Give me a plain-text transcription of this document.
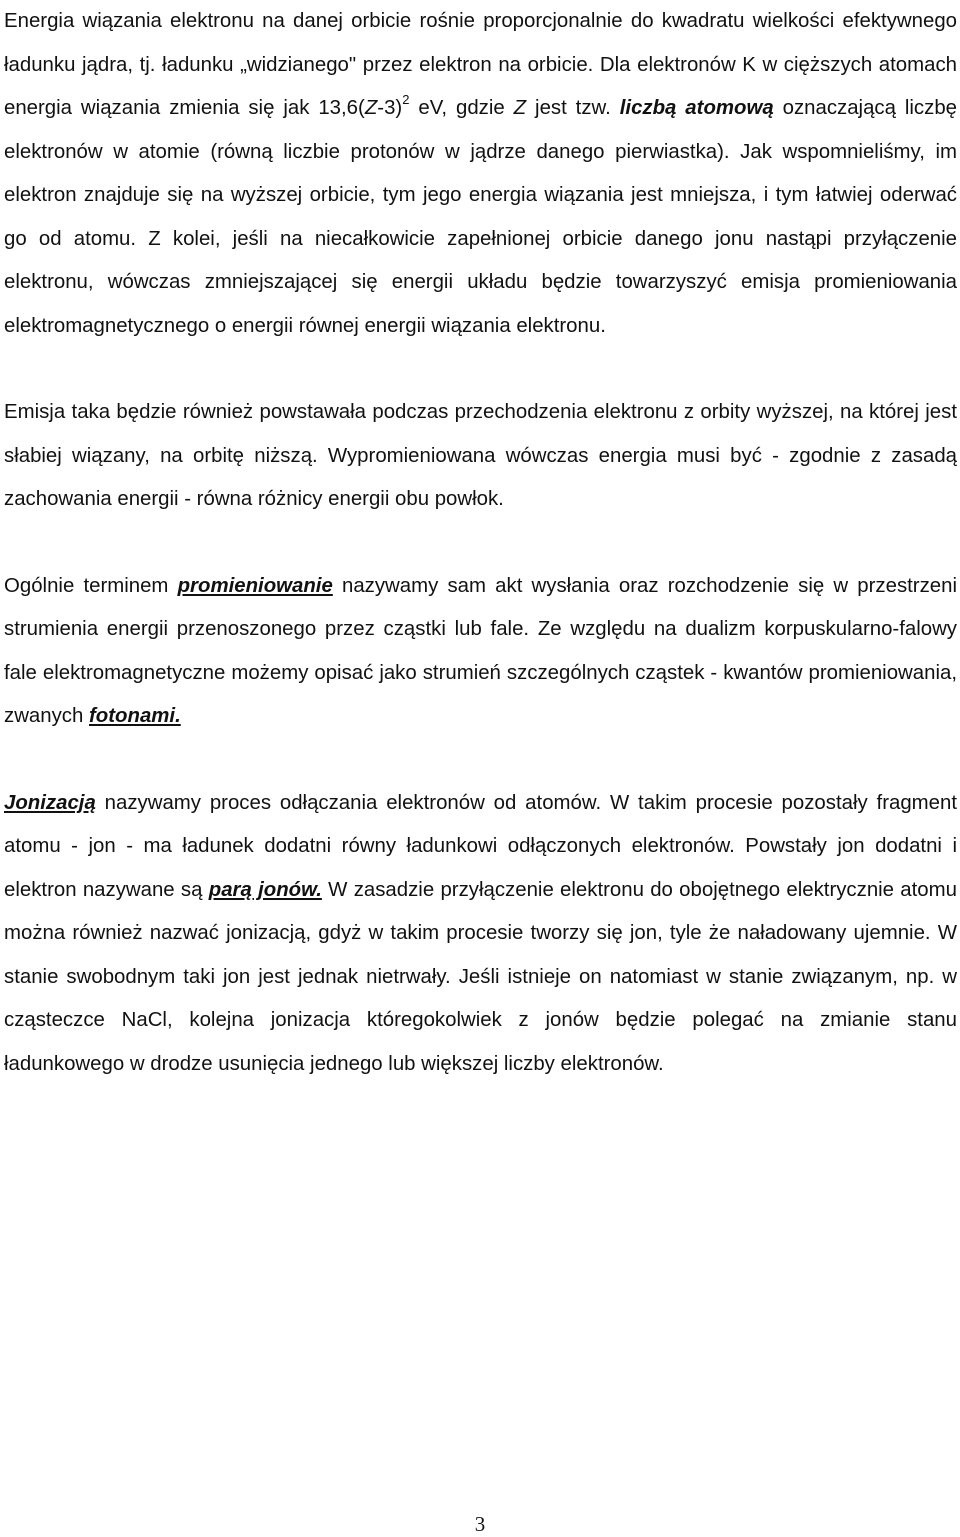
Energia wiązania elektronu na danej orbicie rośnie proporcjonalnie do kwadratu wielkości efektywnego ładunku jądra, tj. ładunku „widzianego" przez elektron na orbicie. Dla elektronów K w cięższych atomach energia wiązania zmienia się jak $13,6(Z-3)^2$ eV, gdzie Z jest tzw. liczbą atomową oznaczającą liczbę elektronów w atomie (równą liczbie protonów w jądrze danego pierwiastka). Jak wspomnieliśmy, im elektron znajduje się na wyższej orbicie, tym jego energia wiązania jest mniejsza, i tym łatwiej oderwać go od atomu. Z kolei, jeśli na niecałkowicie zapełnionej orbicie danego jonu nastąpi przyłączenie elektronu, wówczas zmniejszającej się energii układu będzie towarzyszyć emisja promieniowania elektromagnetycznego o energii równej energii wiązania elektronu.

Emisja taka będzie również powstawała podczas przechodzenia elektronu z orbity wyższej, na której jest słabiej wiązany, na orbitę niższą. Wypromieniowana wówczas energia musi być - zgodnie z zasadą zachowania energii - równa różnicy energii obu powłok.

Ogólnie terminem promieniowanie nazywamy sam akt wysłania oraz rozchodzenie się w przestrzeni strumienia energii przenoszonego przez cząstki lub fale. Ze względu na dualizm korpuskularno-falowy fale elektromagnetyczne możemy opisać jako strumień szczególnych cząstek - kwantów promieniowania, zwanych fotonami.

Jonizacją nazywamy proces odłączania elektronów od atomów. W takim procesie pozostały fragment atomu - jon - ma ładunek dodatni równy ładunkowi odłączonych elektronów. Powstały jon dodatni i elektron nazywane są parą jonów. W zasadzie przyłączenie elektronu do obojętnego elektrycznie atomu można również nazwać jonizacją, gdyż w takim procesie tworzy się jon, tyle że naładowany ujemnie. W stanie swobodnym taki jon jest jednak nietrwały. Jeśli istnieje on natomiast w stanie związanym, np. w cząsteczce NaCl, kolejna jonizacja któregokolwiek z jonów będzie polegać na zmianie stanu ładunkowego w drodze usunięcia jednego lub większej liczby elektronów.

3
